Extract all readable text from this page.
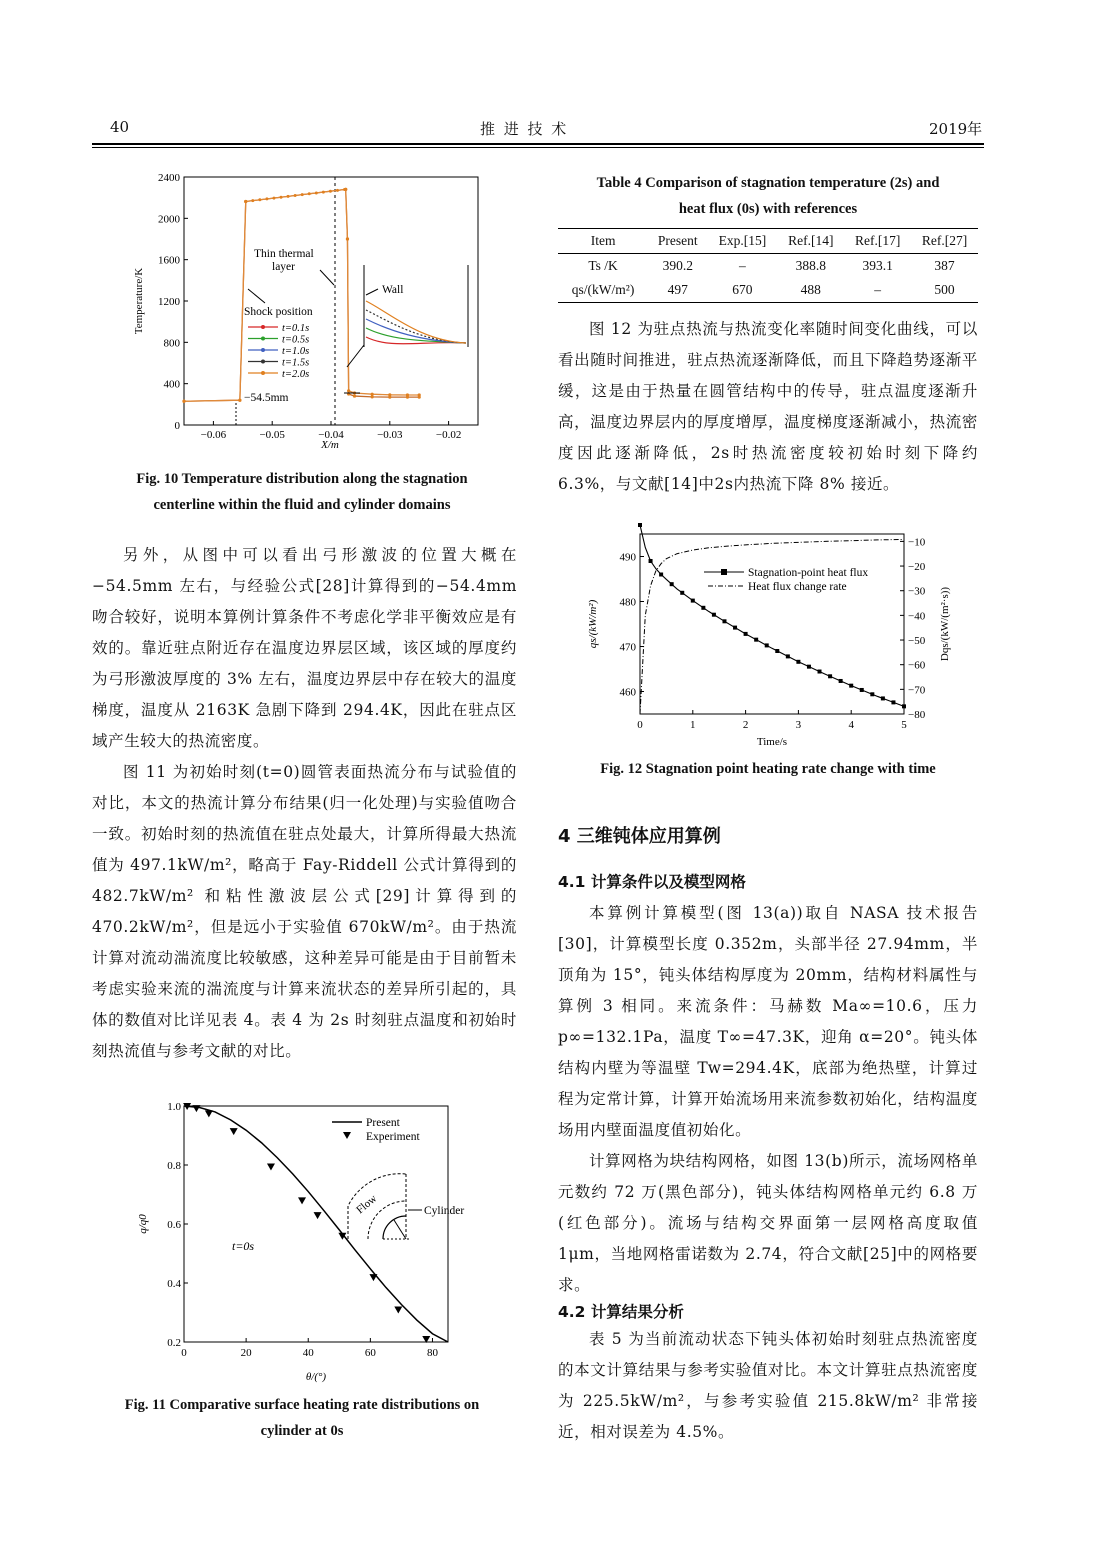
40	推 进 技 术	2019年
0
400
800
1200
1600
2000
2400
−0.06	−0.05	−0.04	−0.03	−0.02
Temperature/K
X/m
Thin thermal
layer
Wall
Shock position
−54.5mm
t=0.1s
t=0.5s
t=1.0s
t=1.5s
t=2.0s
Fig. 10 Temperature distribution along the stagnation
centerline within the fluid and cylinder domains
Table 4 Comparison of stagnation temperature (2s) and
heat flux (0s) with references
Item	Present	Exp.[15]	Ref.[14]	Ref.[17]	Ref.[27]
Ts /K	390.2	–	388.8	393.1	387
qs/(kW/m²)	497	670	488	–	500

图 12 为驻点热流与热流变化率随时间变化曲线，可以看出随时间推进，驻点热流逐渐降低，而且下降趋势逐渐平缓，这是由于热量在圆管结构中的传导，驻点温度逐渐升高，温度边界层内的厚度增厚，温度梯度逐渐减小，热流密度因此逐渐降低，2s时热流密度较初始时刻下降约 6.3%，与文献[14]中2s内热流下降 8% 接近。

460
470
480
490
−10
−20
−30
−40
−50
−60
−70
−80
0	1	2	3	4	5
qs/(kW/m²)	Dqs/(kW/(m²·s))
Time/s
Stagnation-point heat flux
Heat flux change rate
Fig. 12 Stagnation point heating rate change with time

另外，从图中可以看出弓形激波的位置大概在−54.5mm 左右，与经验公式[28]计算得到的−54.4mm 吻合较好，说明本算例计算条件不考虑化学非平衡效应是有效的。靠近驻点附近存在温度边界层区域，该区域的厚度约为弓形激波厚度的 3% 左右，温度边界层中存在较大的温度梯度，温度从 2163K 急剧下降到 294.4K，因此在驻点区域产生较大的热流密度。

图 11 为初始时刻(t=0)圆管表面热流分布与试验值的对比，本文的热流计算分布结果(归一化处理)与实验值吻合一致。初始时刻的热流值在驻点处最大，计算所得最大热流值为 497.1kW/m²，略高于 Fay-Riddell 公式计算得到的 482.7kW/m² 和粘性激波层公式[29]计算得到的 470.2kW/m²，但是远小于实验值 670kW/m²。由于热流计算对流动湍流度比较敏感，这种差异可能是由于目前暂未考虑实验来流的湍流度与计算来流状态的差异所引起的，具体的数值对比详见表 4。表 4 为 2s 时刻驻点温度和初始时刻热流值与参考文献的对比。

4 三维钝体应用算例
4.1 计算条件以及模型网格

本算例计算模型(图 13(a))取自 NASA 技术报告[30]，计算模型长度 0.352m，头部半径 27.94mm，半顶角为 15°，钝头体结构厚度为 20mm，结构材料属性与算例 3 相同。来流条件：马赫数 Ma∞=10.6，压力 p∞=132.1Pa，温度 T∞=47.3K，迎角 α=20°。钝头体结构内壁为等温壁 Tw=294.4K，底部为绝热壁，计算过程为定常计算，计算开始流场用来流参数初始化，结构温度场用内壁面温度值初始化。

计算网格为块结构网格，如图 13(b)所示，流场网格单元数约 72 万(黑色部分)，钝头体结构网格单元约 6.8 万(红色部分)。流场与结构交界面第一层网格高度取值 1μm，当地网格雷诺数为 2.74，符合文献[25]中的网格要求。

4.2 计算结果分析

表 5 为当前流动状态下钝头体初始时刻驻点热流密度的本文计算结果与参考实验值对比。本文计算驻点热流密度为 225.5kW/m²，与参考实验值 215.8kW/m² 非常接近，相对误差为 4.5%。

0.2
0.4
0.6
0.8
1.0
0	20	40	60	80
q/q0
θ/(°)
Present
Experiment
t=0s
Flow	Cylinder
Fig. 11 Comparative surface heating rate distributions on
cylinder at 0s
